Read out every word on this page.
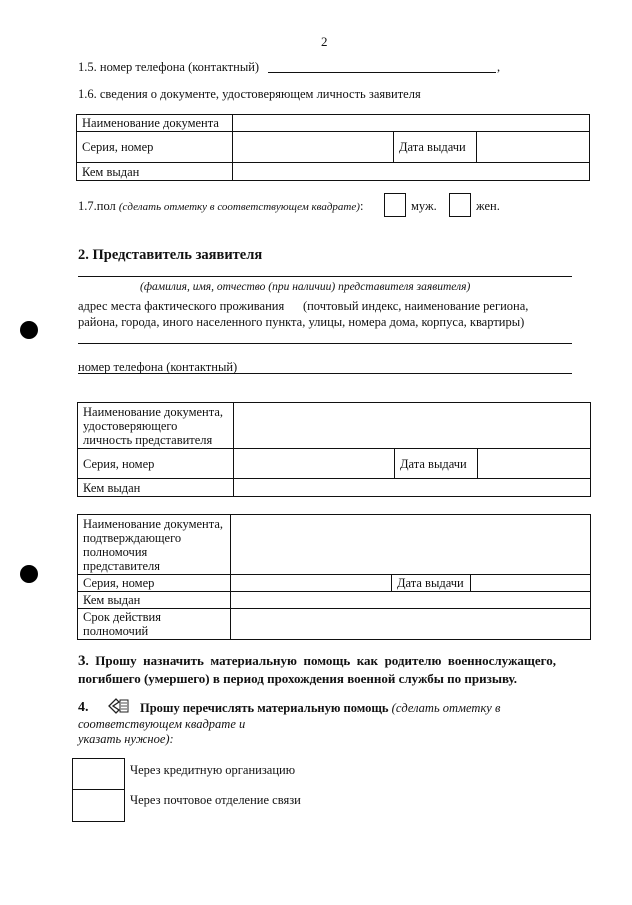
2
1.5. номер телефона (контактный)	,
1.6. сведения о документе, удостоверяющем личность заявителя
Наименование документа			
Серия, номер		Дата выдачи	
Кем выдан			
1.7.пол (сделать отметку в соответствующем квадрате):	муж.	жен.
2. Представитель заявителя
(фамилия, имя, отчество (при наличии) представителя заявителя)
адрес места фактического проживания      (почтовый индекс, наименование региона,
района, города, иного населенного пункта, улицы, номера дома, корпуса, квартиры)
номер телефона (контактный)
Наименование документа, удостоверяющего личность представителя			
Серия, номер		Дата выдачи	
Кем выдан			
Наименование документа, подтверждающего полномочия представителя			
Серия, номер		Дата выдачи	
Кем выдан			
Срок действия полномочий			
3. Прошу назначить материальную помощь как родителю военнослужащего, погибшего (умершего) в период прохождения военной службы по призыву.
4.	Прошу перечислять материальную помощь (сделать отметку в
соответствующем квадрате и
указать нужное):
Через кредитную организацию
Через почтовое отделение связи
